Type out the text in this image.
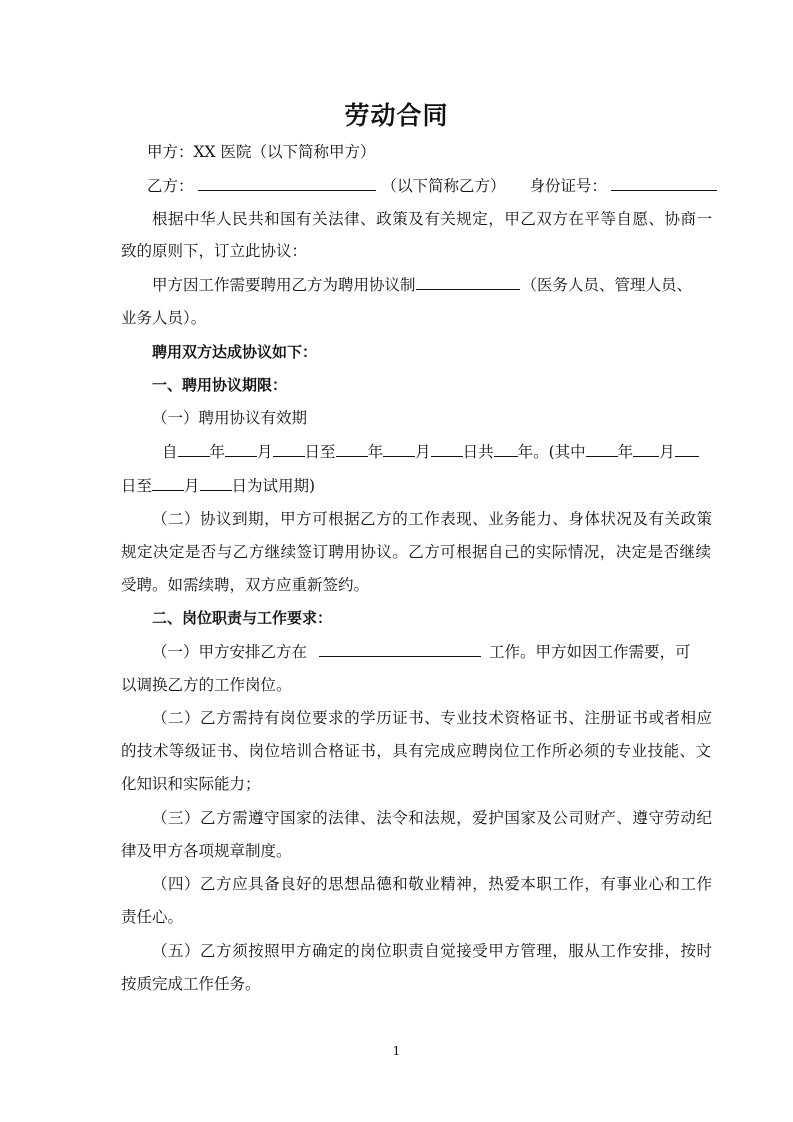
劳动合同
甲方：XX 医院（以下简称甲方）
乙方：	（以下简称乙方） 身份证号：
根据中华人民共和国有关法律、政策及有关规定，甲乙双方在平等自愿、协商一
致的原则下，订立此协议：
甲方因工作需要聘用乙方为聘用协议制	（医务人员、管理人员、
业务人员）。
聘用双方达成协议如下：
一、聘用协议期限：
（一）聘用协议有效期
自 年 月 日至 年 月 日共 年。(其中 年 月
日至 月 日为试用期)
（二）协议到期，甲方可根据乙方的工作表现、业务能力、身体状况及有关政策
规定决定是否与乙方继续签订聘用协议。乙方可根据自己的实际情况，决定是否继续
受聘。如需续聘，双方应重新签约。
二、岗位职责与工作要求：
（一）甲方安排乙方在	工作。甲方如因工作需要，可
以调换乙方的工作岗位。
（二）乙方需持有岗位要求的学历证书、专业技术资格证书、注册证书或者相应
的技术等级证书、岗位培训合格证书，具有完成应聘岗位工作所必须的专业技能、文
化知识和实际能力；
（三）乙方需遵守国家的法律、法令和法规，爱护国家及公司财产、遵守劳动纪
律及甲方各项规章制度。
（四）乙方应具备良好的思想品德和敬业精神，热爱本职工作，有事业心和工作
责任心。
（五）乙方须按照甲方确定的岗位职责自觉接受甲方管理，服从工作安排，按时
按质完成工作任务。
1
